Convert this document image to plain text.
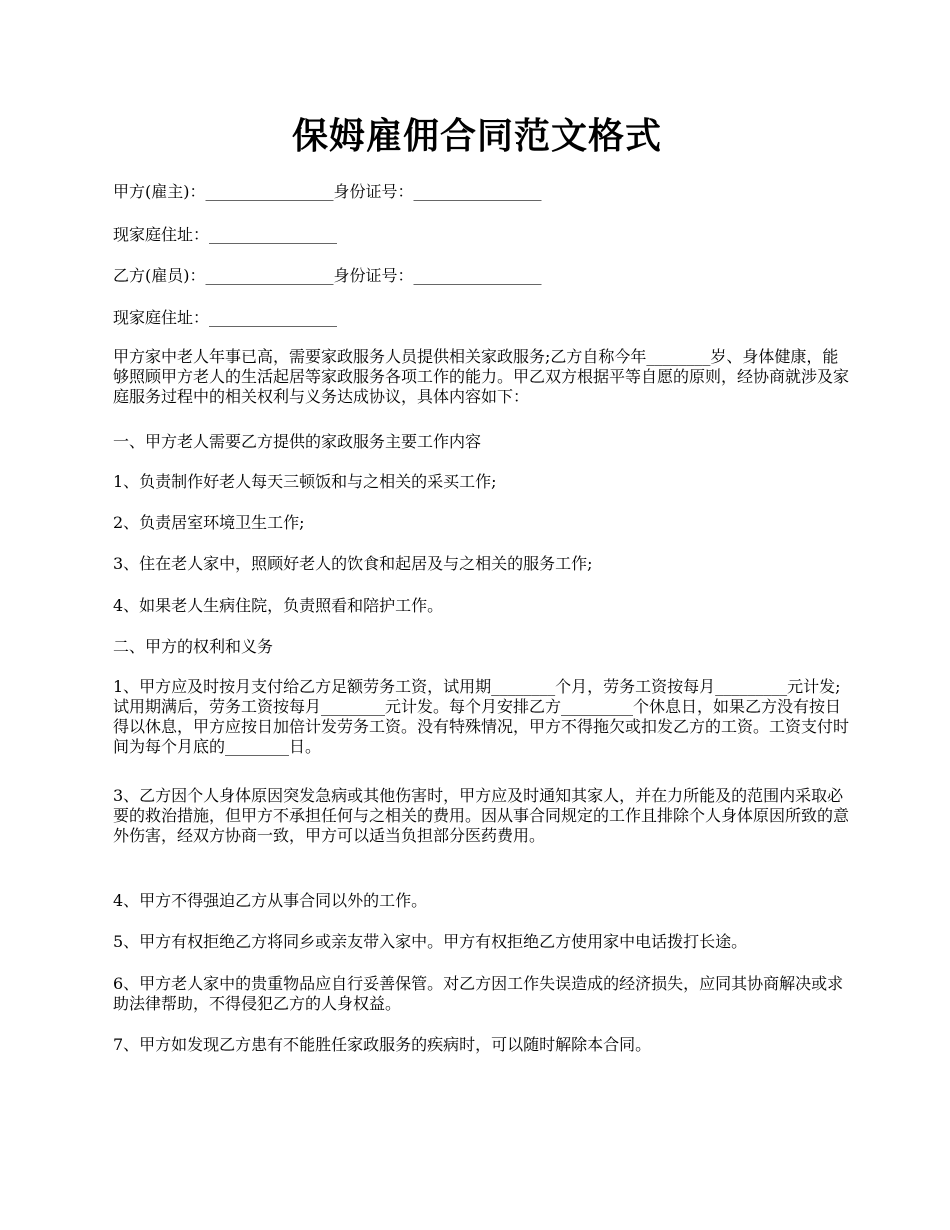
保姆雇佣合同范文格式

甲方(雇主)：________________身份证号：________________

现家庭住址：________________

乙方(雇员)：________________身份证号：________________

现家庭住址：________________

甲方家中老人年事已高，需要家政服务人员提供相关家政服务;乙方自称今年________岁、身体健康，能够照顾甲方老人的生活起居等家政服务各项工作的能力。甲乙双方根据平等自愿的原则，经协商就涉及家庭服务过程中的相关权利与义务达成协议，具体内容如下：

一、甲方老人需要乙方提供的家政服务主要工作内容

1、负责制作好老人每天三顿饭和与之相关的采买工作;

2、负责居室环境卫生工作;

3、住在老人家中，照顾好老人的饮食和起居及与之相关的服务工作;

4、如果老人生病住院，负责照看和陪护工作。

二、甲方的权利和义务

1、甲方应及时按月支付给乙方足额劳务工资，试用期________个月，劳务工资按每月_________元计发;试用期满后，劳务工资按每月________元计发。每个月安排乙方_________个休息日，如果乙方没有按日得以休息，甲方应按日加倍计发劳务工资。没有特殊情况，甲方不得拖欠或扣发乙方的工资。工资支付时间为每个月底的________日。

3、乙方因个人身体原因突发急病或其他伤害时，甲方应及时通知其家人，并在力所能及的范围内采取必要的救治措施，但甲方不承担任何与之相关的费用。因从事合同规定的工作且排除个人身体原因所致的意外伤害，经双方协商一致，甲方可以适当负担部分医药费用。

4、甲方不得强迫乙方从事合同以外的工作。

5、甲方有权拒绝乙方将同乡或亲友带入家中。甲方有权拒绝乙方使用家中电话拨打长途。

6、甲方老人家中的贵重物品应自行妥善保管。对乙方因工作失误造成的经济损失，应同其协商解决或求助法律帮助，不得侵犯乙方的人身权益。

7、甲方如发现乙方患有不能胜任家政服务的疾病时，可以随时解除本合同。
